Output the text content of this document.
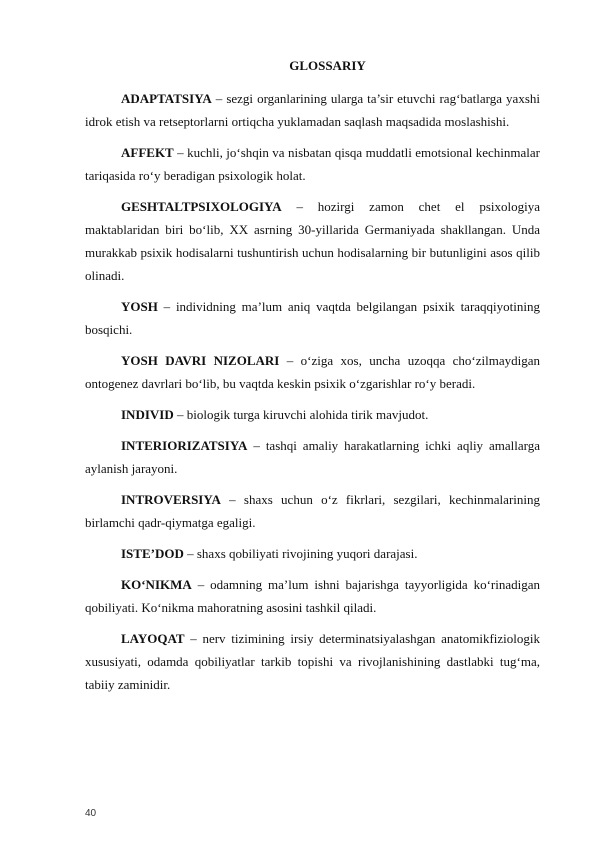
GLOSSARIY

ADAPTATSIYA – sezgi organlarining ularga ta’sir etuvchi rag‘batlarga yaxshi idrok etish va retseptorlarni ortiqcha yuklamadan saqlash maqsadida moslashishi.

AFFEKT – kuchli, jo‘shqin va nisbatan qisqa muddatli emotsional kechinmalar tariqasida ro‘y beradigan psixologik holat.

GESHTALTPSIXOLOGIYA – hozirgi zamon chet el psixologiya maktablaridan biri bo‘lib, XX asrning 30-yillarida Germaniyada shakllangan. Unda murakkab psixik hodisalarni tushuntirish uchun hodisalarning bir butunligini asos qilib olinadi.

YOSH – individning ma’lum aniq vaqtda belgilangan psixik taraqqiyotining bosqichi.

YOSH DAVRI NIZOLARI – o‘ziga xos, uncha uzoqqa cho‘zilmaydigan ontogenez davrlari bo‘lib, bu vaqtda keskin psixik o‘zgarishlar ro‘y beradi.

INDIVID – biologik turga kiruvchi alohida tirik mavjudot.

INTERIORIZATSIYA – tashqi amaliy harakatlarning ichki aqliy amallarga aylanish jarayoni.

INTROVERSIYA – shaxs uchun o‘z fikrlari, sezgilari, kechinmalarining birlamchi qadr-qiymatga egaligi.

ISTE’DOD – shaxs qobiliyati rivojining yuqori darajasi.

KO‘NIKMA – odamning ma’lum ishni bajarishga tayyorligida ko‘rinadigan qobiliyati. Ko‘nikma mahoratning asosini tashkil qiladi.

LAYOQAT – nerv tizimining irsiy determinatsiyalashgan anatomikfiziologik xususiyati, odamda qobiliyatlar tarkib topishi va rivojlanishining dastlabki tug‘ma, tabiiy zaminidir.

40
